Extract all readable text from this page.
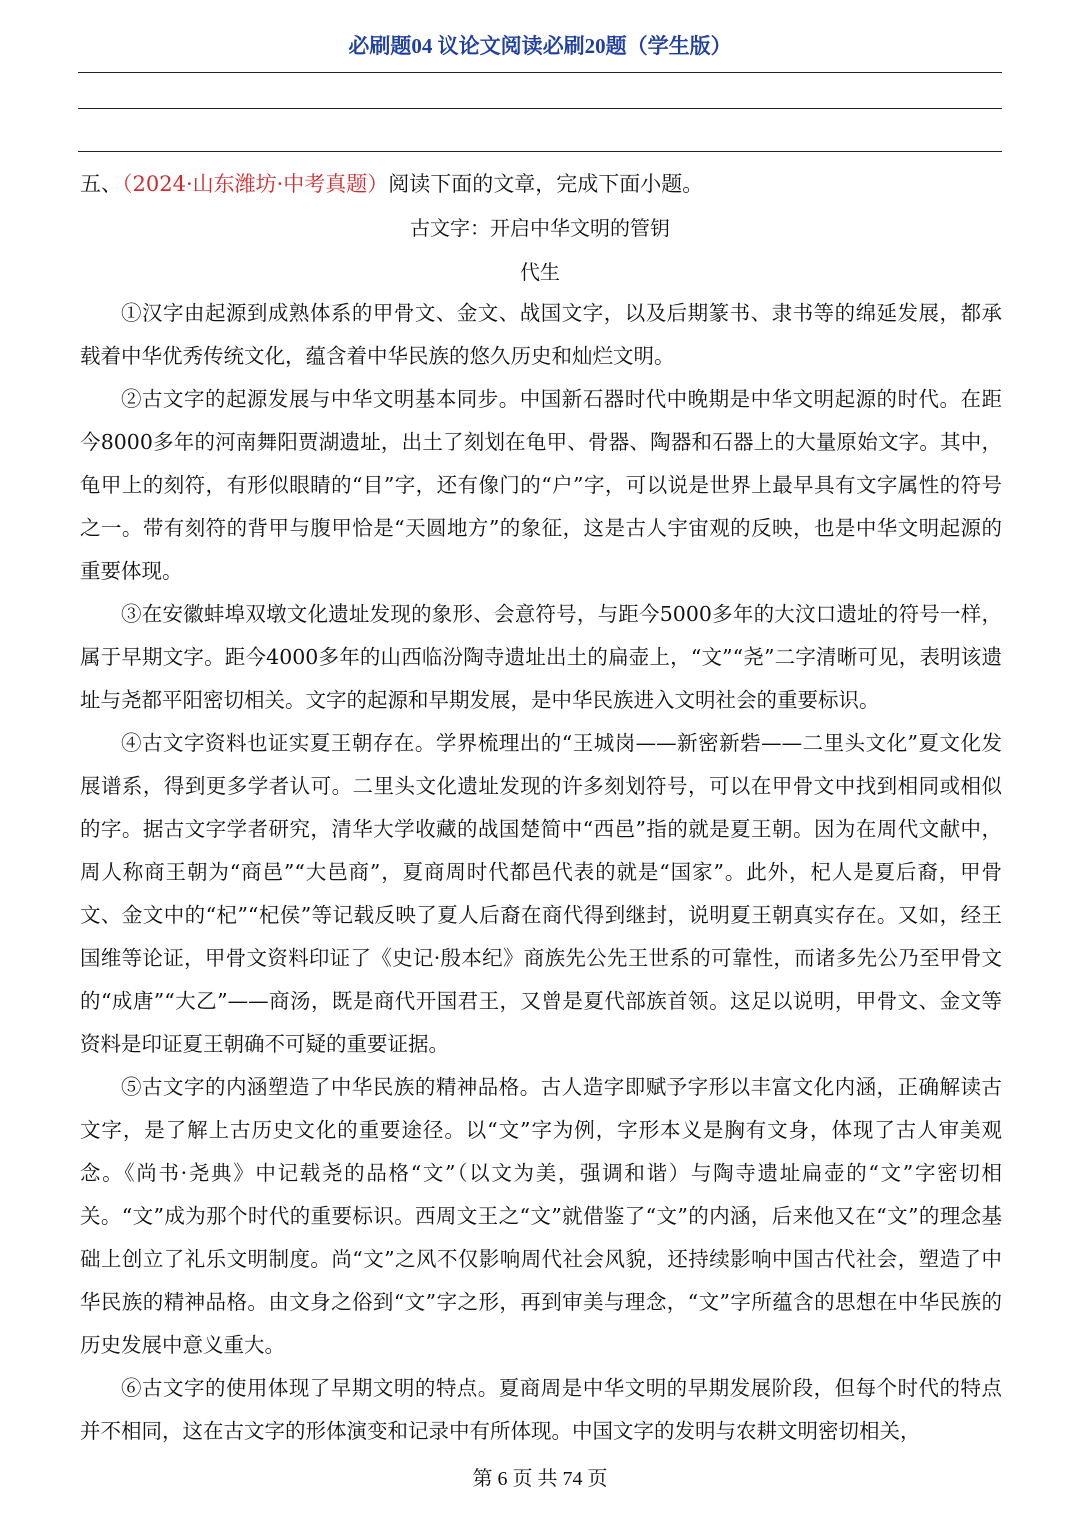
必刷题04 议论文阅读必刷20题（学生版）
五、（2024·山东潍坊·中考真题）阅读下面的文章，完成下面小题。
古文字：开启中华文明的管钥
代生

①汉字由起源到成熟体系的甲骨文、金文、战国文字，以及后期篆书、隶书等的绵延发展，都承载着中华优秀传统文化，蕴含着中华民族的悠久历史和灿烂文明。

②古文字的起源发展与中华文明基本同步。中国新石器时代中晚期是中华文明起源的时代。在距今8000多年的河南舞阳贾湖遗址，出土了刻划在龟甲、骨器、陶器和石器上的大量原始文字。其中，龟甲上的刻符，有形似眼睛的“目”字，还有像门的“户”字，可以说是世界上最早具有文字属性的符号之一。带有刻符的背甲与腹甲恰是“天圆地方”的象征，这是古人宇宙观的反映，也是中华文明起源的重要体现。

③在安徽蚌埠双墩文化遗址发现的象形、会意符号，与距今5000多年的大汶口遗址的符号一样，属于早期文字。距今4000多年的山西临汾陶寺遗址出土的扁壶上，“文”“尧”二字清晰可见，表明该遗址与尧都平阳密切相关。文字的起源和早期发展，是中华民族进入文明社会的重要标识。

④古文字资料也证实夏王朝存在。学界梳理出的“王城岗——新密新砦——二里头文化”夏文化发展谱系，得到更多学者认可。二里头文化遗址发现的许多刻划符号，可以在甲骨文中找到相同或相似的字。据古文字学者研究，清华大学收藏的战国楚简中“西邑”指的就是夏王朝。因为在周代文献中，周人称商王朝为“商邑”“大邑商”，夏商周时代都邑代表的就是“国家”。此外，杞人是夏后裔，甲骨文、金文中的“杞”“杞侯”等记载反映了夏人后裔在商代得到继封，说明夏王朝真实存在。又如，经王国维等论证，甲骨文资料印证了《史记·殷本纪》商族先公先王世系的可靠性，而诸多先公乃至甲骨文的“成唐”“大乙”——商汤，既是商代开国君王，又曾是夏代部族首领。这足以说明，甲骨文、金文等资料是印证夏王朝确不可疑的重要证据。

⑤古文字的内涵塑造了中华民族的精神品格。古人造字即赋予字形以丰富文化内涵，正确解读古文字，是了解上古历史文化的重要途径。以“文”字为例，字形本义是胸有文身，体现了古人审美观念。《尚书·尧典》中记载尧的品格“文”（以文为美，强调和谐）与陶寺遗址扁壶的“文”字密切相关。“文”成为那个时代的重要标识。西周文王之“文”就借鉴了“文”的内涵，后来他又在“文”的理念基础上创立了礼乐文明制度。尚“文”之风不仅影响周代社会风貌，还持续影响中国古代社会，塑造了中华民族的精神品格。由文身之俗到“文”字之形，再到审美与理念，“文”字所蕴含的思想在中华民族的历史发展中意义重大。

⑥古文字的使用体现了早期文明的特点。夏商周是中华文明的早期发展阶段，但每个时代的特点并不相同，这在古文字的形体演变和记录中有所体现。中国文字的发明与农耕文明密切相关，

第 6 页 共 74 页
